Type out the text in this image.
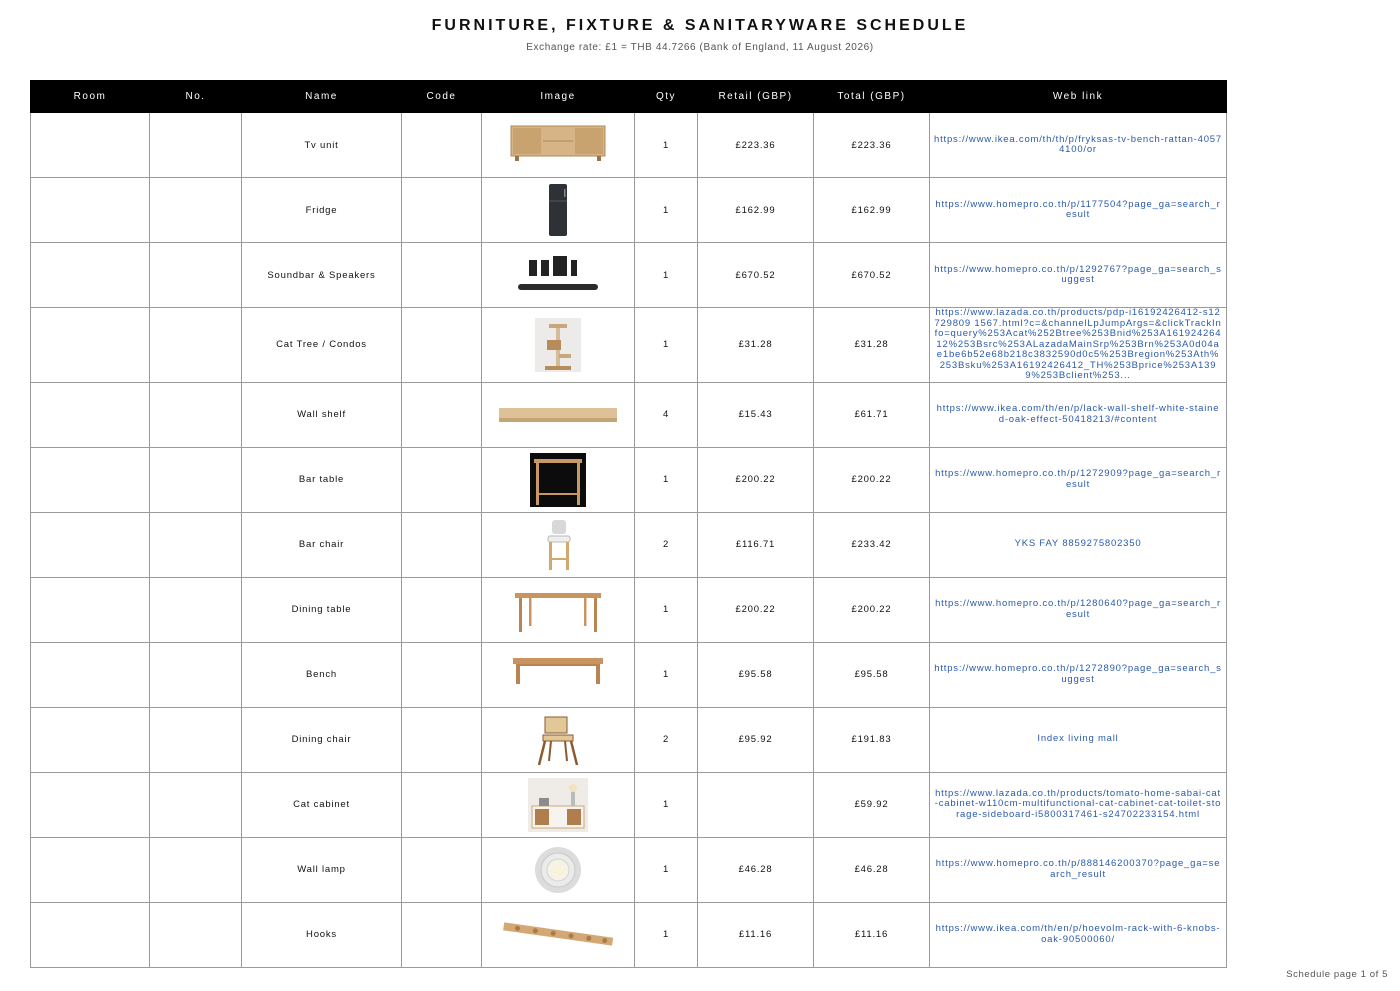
FURNITURE, FIXTURE & SANITARYWARE SCHEDULE
Exchange rate: £1 = THB 44.7266 (Bank of England, 11 August 2026)
Room	No.	Name	Code	Image	Qty	Retail (GBP)	Total (GBP)	Web link
		Tv unit			1	£223.36	£223.36	https://www.ikea.com/th/th/p/fryksas-tv-bench-rattan-40574100/or
		Fridge			1	£162.99	£162.99	https://www.homepro.co.th/p/1177504?page_ga=search_result
		Soundbar & Speakers			1	£670.52	£670.52	https://www.homepro.co.th/p/1292767?page_ga=search_suggest
		Cat Tree / Condos			1	£31.28	£31.28	https://www.lazada.co.th/products/pdp-i16192426412-s12729809 1567.html?c=&channelLpJumpArgs=&clickTrackInfo=query%253Acat%252Btree%253Bnid%253A16192426412%253Bsrc%253ALazadaMainSrp%253Brn%253A0d04ae1be6b52e68b218c3832590d0c5%253Bregion%253Ath%253Bsku%253A16192426412_TH%253Bprice%253A1399%253Bclient%253...
		Wall shelf			4	£15.43	£61.71	https://www.ikea.com/th/en/p/lack-wall-shelf-white-stained-oak-effect-50418213/#content
		Bar table			1	£200.22	£200.22	https://www.homepro.co.th/p/1272909?page_ga=search_result
		Bar chair			2	£116.71	£233.42	YKS FAY 8859275802350
		Dining table			1	£200.22	£200.22	https://www.homepro.co.th/p/1280640?page_ga=search_result
		Bench			1	£95.58	£95.58	https://www.homepro.co.th/p/1272890?page_ga=search_suggest
		Dining chair			2	£95.92	£191.83	Index living mall
		Cat cabinet			1		£59.92	https://www.lazada.co.th/products/tomato-home-sabai-cat-cabinet-w110cm-multifunctional-cat-cabinet-cat-toilet-storage-sideboard-i5800317461-s24702233154.html
		Wall lamp			1	£46.28	£46.28	https://www.homepro.co.th/p/888146200370?page_ga=search_result
		Hooks			1	£11.16	£11.16	https://www.ikea.com/th/en/p/hoevolm-rack-with-6-knobs-oak-90500060/
Schedule page 1 of 5
